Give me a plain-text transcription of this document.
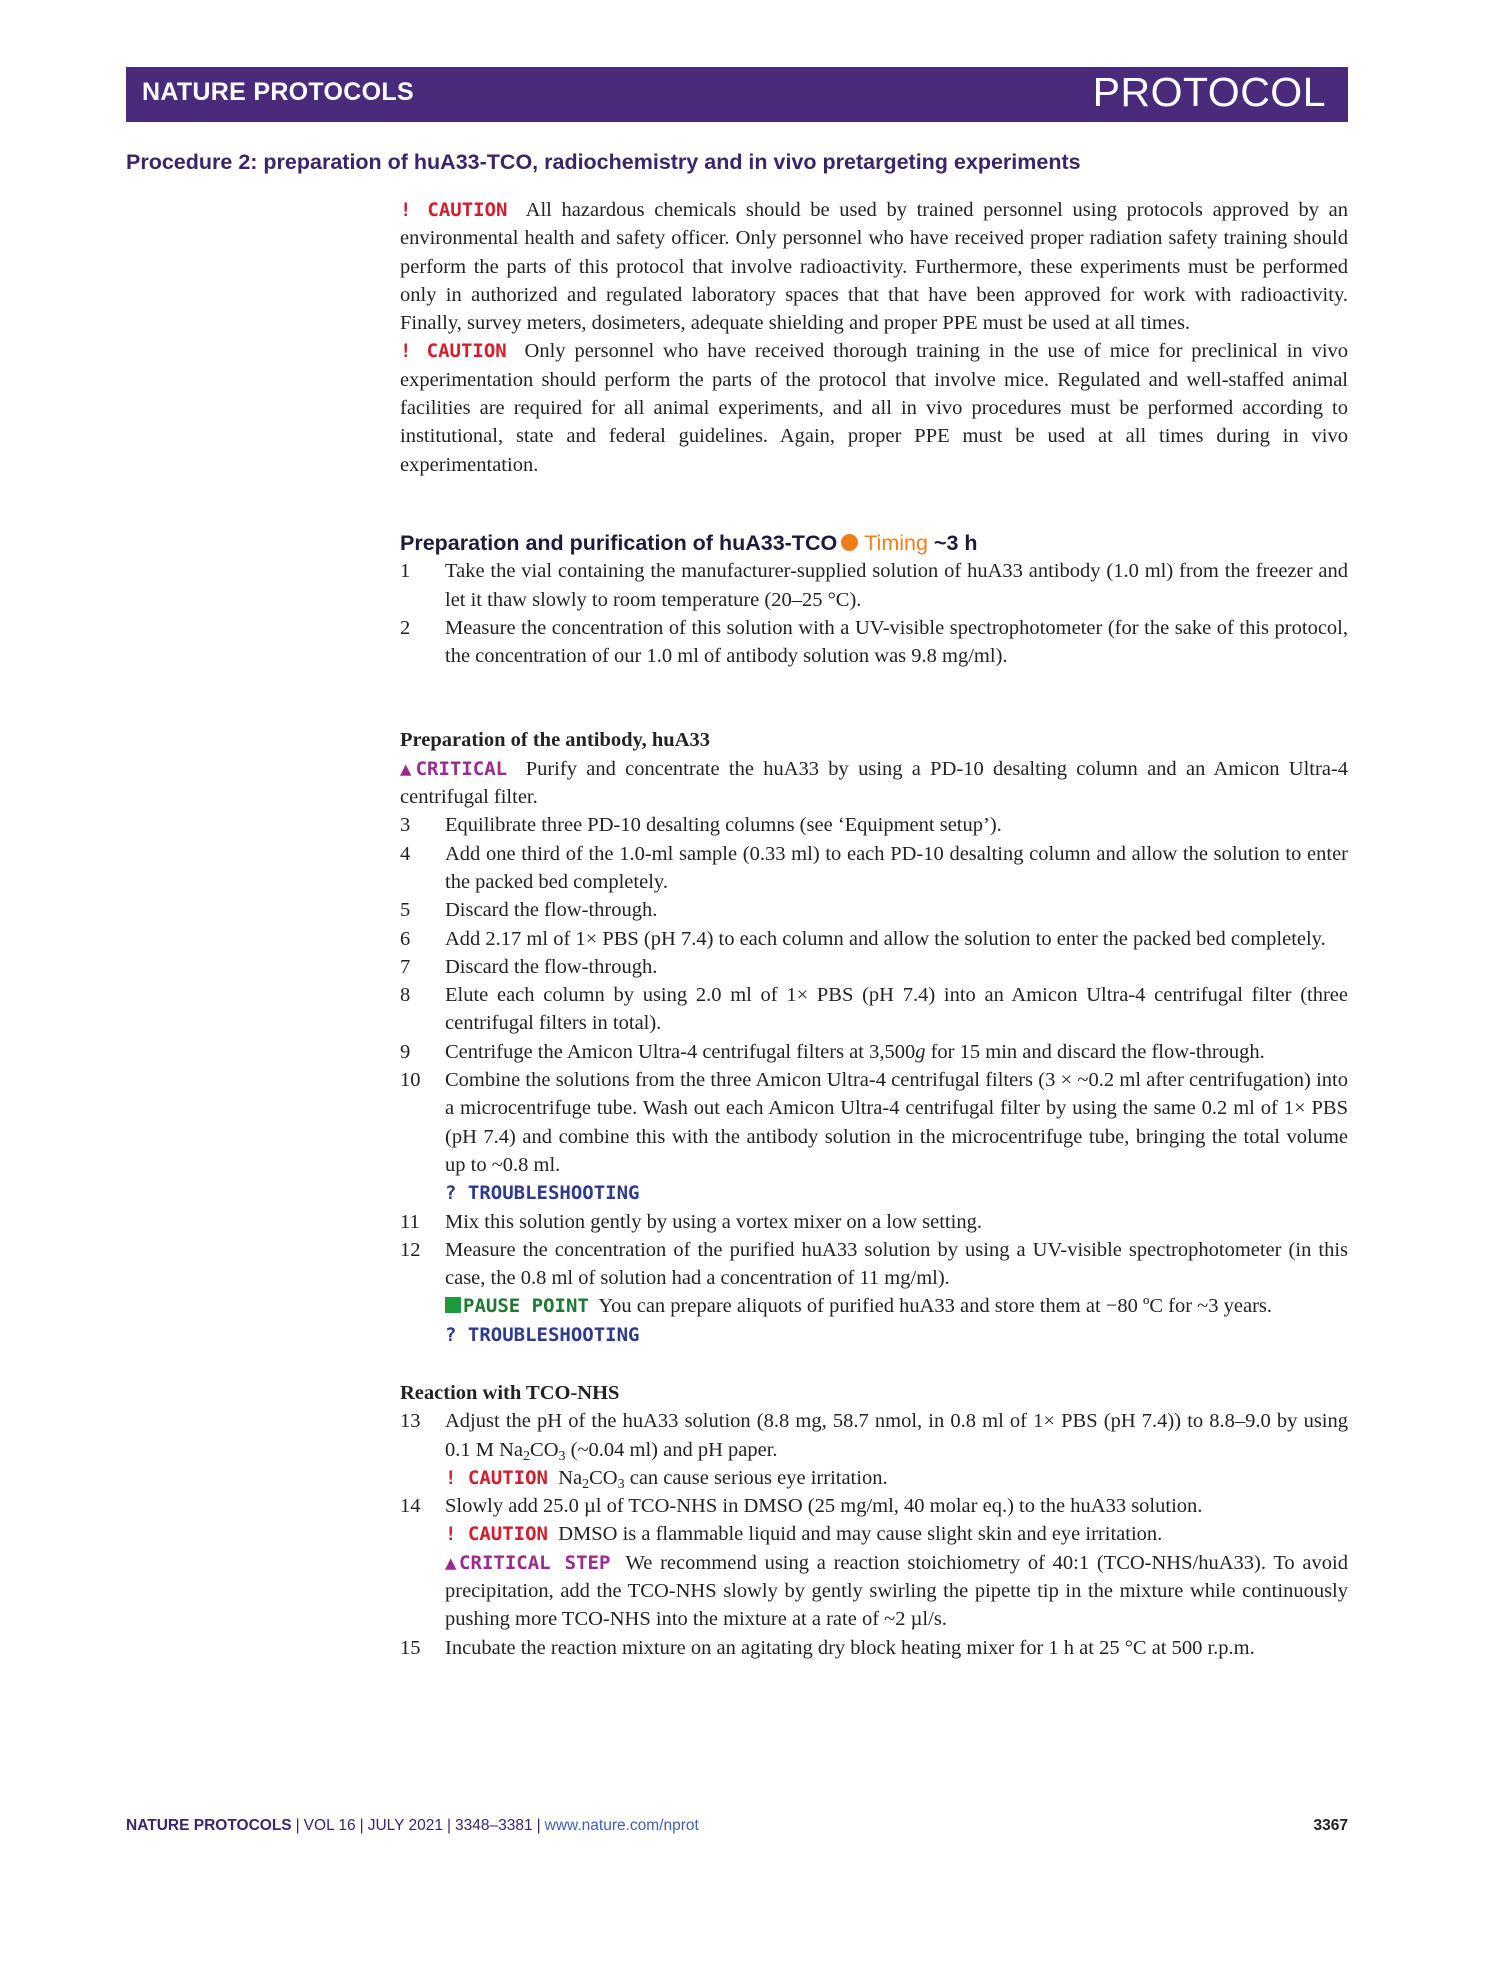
NATURE PROTOCOLS	PROTOCOL
Procedure 2: preparation of huA33-TCO, radiochemistry and in vivo pretargeting experiments

! CAUTION All hazardous chemicals should be used by trained personnel using protocols approved by an environmental health and safety officer. Only personnel who have received proper radiation safety training should perform the parts of this protocol that involve radioactivity. Furthermore, these experiments must be performed only in authorized and regulated laboratory spaces that that have been approved for work with radioactivity. Finally, survey meters, dosimeters, adequate shielding and proper PPE must be used at all times.

! CAUTION Only personnel who have received thorough training in the use of mice for preclinical in vivo experimentation should perform the parts of the protocol that involve mice. Regulated and well-staffed animal facilities are required for all animal experiments, and all in vivo procedures must be performed according to institutional, state and federal guidelines. Again, proper PPE must be used at all times during in vivo experimentation.

Preparation and purification of huA33-TCO Timing ~3 h
1 Take the vial containing the manufacturer-supplied solution of huA33 antibody (1.0 ml) from the freezer and let it thaw slowly to room temperature (20–25 °C).
2 Measure the concentration of this solution with a UV-visible spectrophotometer (for the sake of this protocol, the concentration of our 1.0 ml of antibody solution was 9.8 mg/ml).
Preparation of the antibody, huA33

▲CRITICAL Purify and concentrate the huA33 by using a PD-10 desalting column and an Amicon Ultra-4 centrifugal filter.

3 Equilibrate three PD-10 desalting columns (see ‘Equipment setup’).
4 Add one third of the 1.0-ml sample (0.33 ml) to each PD-10 desalting column and allow the solution to enter the packed bed completely.
5 Discard the flow-through.
6 Add 2.17 ml of 1× PBS (pH 7.4) to each column and allow the solution to enter the packed bed completely.
7 Discard the flow-through.
8 Elute each column by using 2.0 ml of 1× PBS (pH 7.4) into an Amicon Ultra-4 centrifugal filter (three centrifugal filters in total).
9 Centrifuge the Amicon Ultra-4 centrifugal filters at 3,500g for 15 min and discard the flow-through.
10 Combine the solutions from the three Amicon Ultra-4 centrifugal filters (3 × ~0.2 ml after centrifugation) into a microcentrifuge tube. Wash out each Amicon Ultra-4 centrifugal filter by using the same 0.2 ml of 1× PBS (pH 7.4) and combine this with the antibody solution in the microcentrifuge tube, bringing the total volume up to ~0.8 ml.
? TROUBLESHOOTING
11 Mix this solution gently by using a vortex mixer on a low setting.
12 Measure the concentration of the purified huA33 solution by using a UV-visible spectrophotometer (in this case, the 0.8 ml of solution had a concentration of 11 mg/ml).
PAUSE POINT You can prepare aliquots of purified huA33 and store them at −80 ºC for ~3 years.
? TROUBLESHOOTING
Reaction with TCO-NHS
13 Adjust the pH of the huA33 solution (8.8 mg, 58.7 nmol, in 0.8 ml of 1× PBS (pH 7.4)) to 8.8–9.0 by using 0.1 M $Na_2CO_3$ (~0.04 ml) and pH paper.
! CAUTION $Na_2CO_3$ can cause serious eye irritation.
14 Slowly add 25.0 µl of TCO-NHS in DMSO (25 mg/ml, 40 molar eq.) to the huA33 solution.
! CAUTION DMSO is a flammable liquid and may cause slight skin and eye irritation.
▲CRITICAL STEP We recommend using a reaction stoichiometry of 40:1 (TCO-NHS/huA33). To avoid precipitation, add the TCO-NHS slowly by gently swirling the pipette tip in the mixture while continuously pushing more TCO-NHS into the mixture at a rate of ~2 µl/s.
15 Incubate the reaction mixture on an agitating dry block heating mixer for 1 h at 25 °C at 500 r.p.m.
NATURE PROTOCOLS | VOL 16 | JULY 2021 | 3348–3381 | www.nature.com/nprot	3367
